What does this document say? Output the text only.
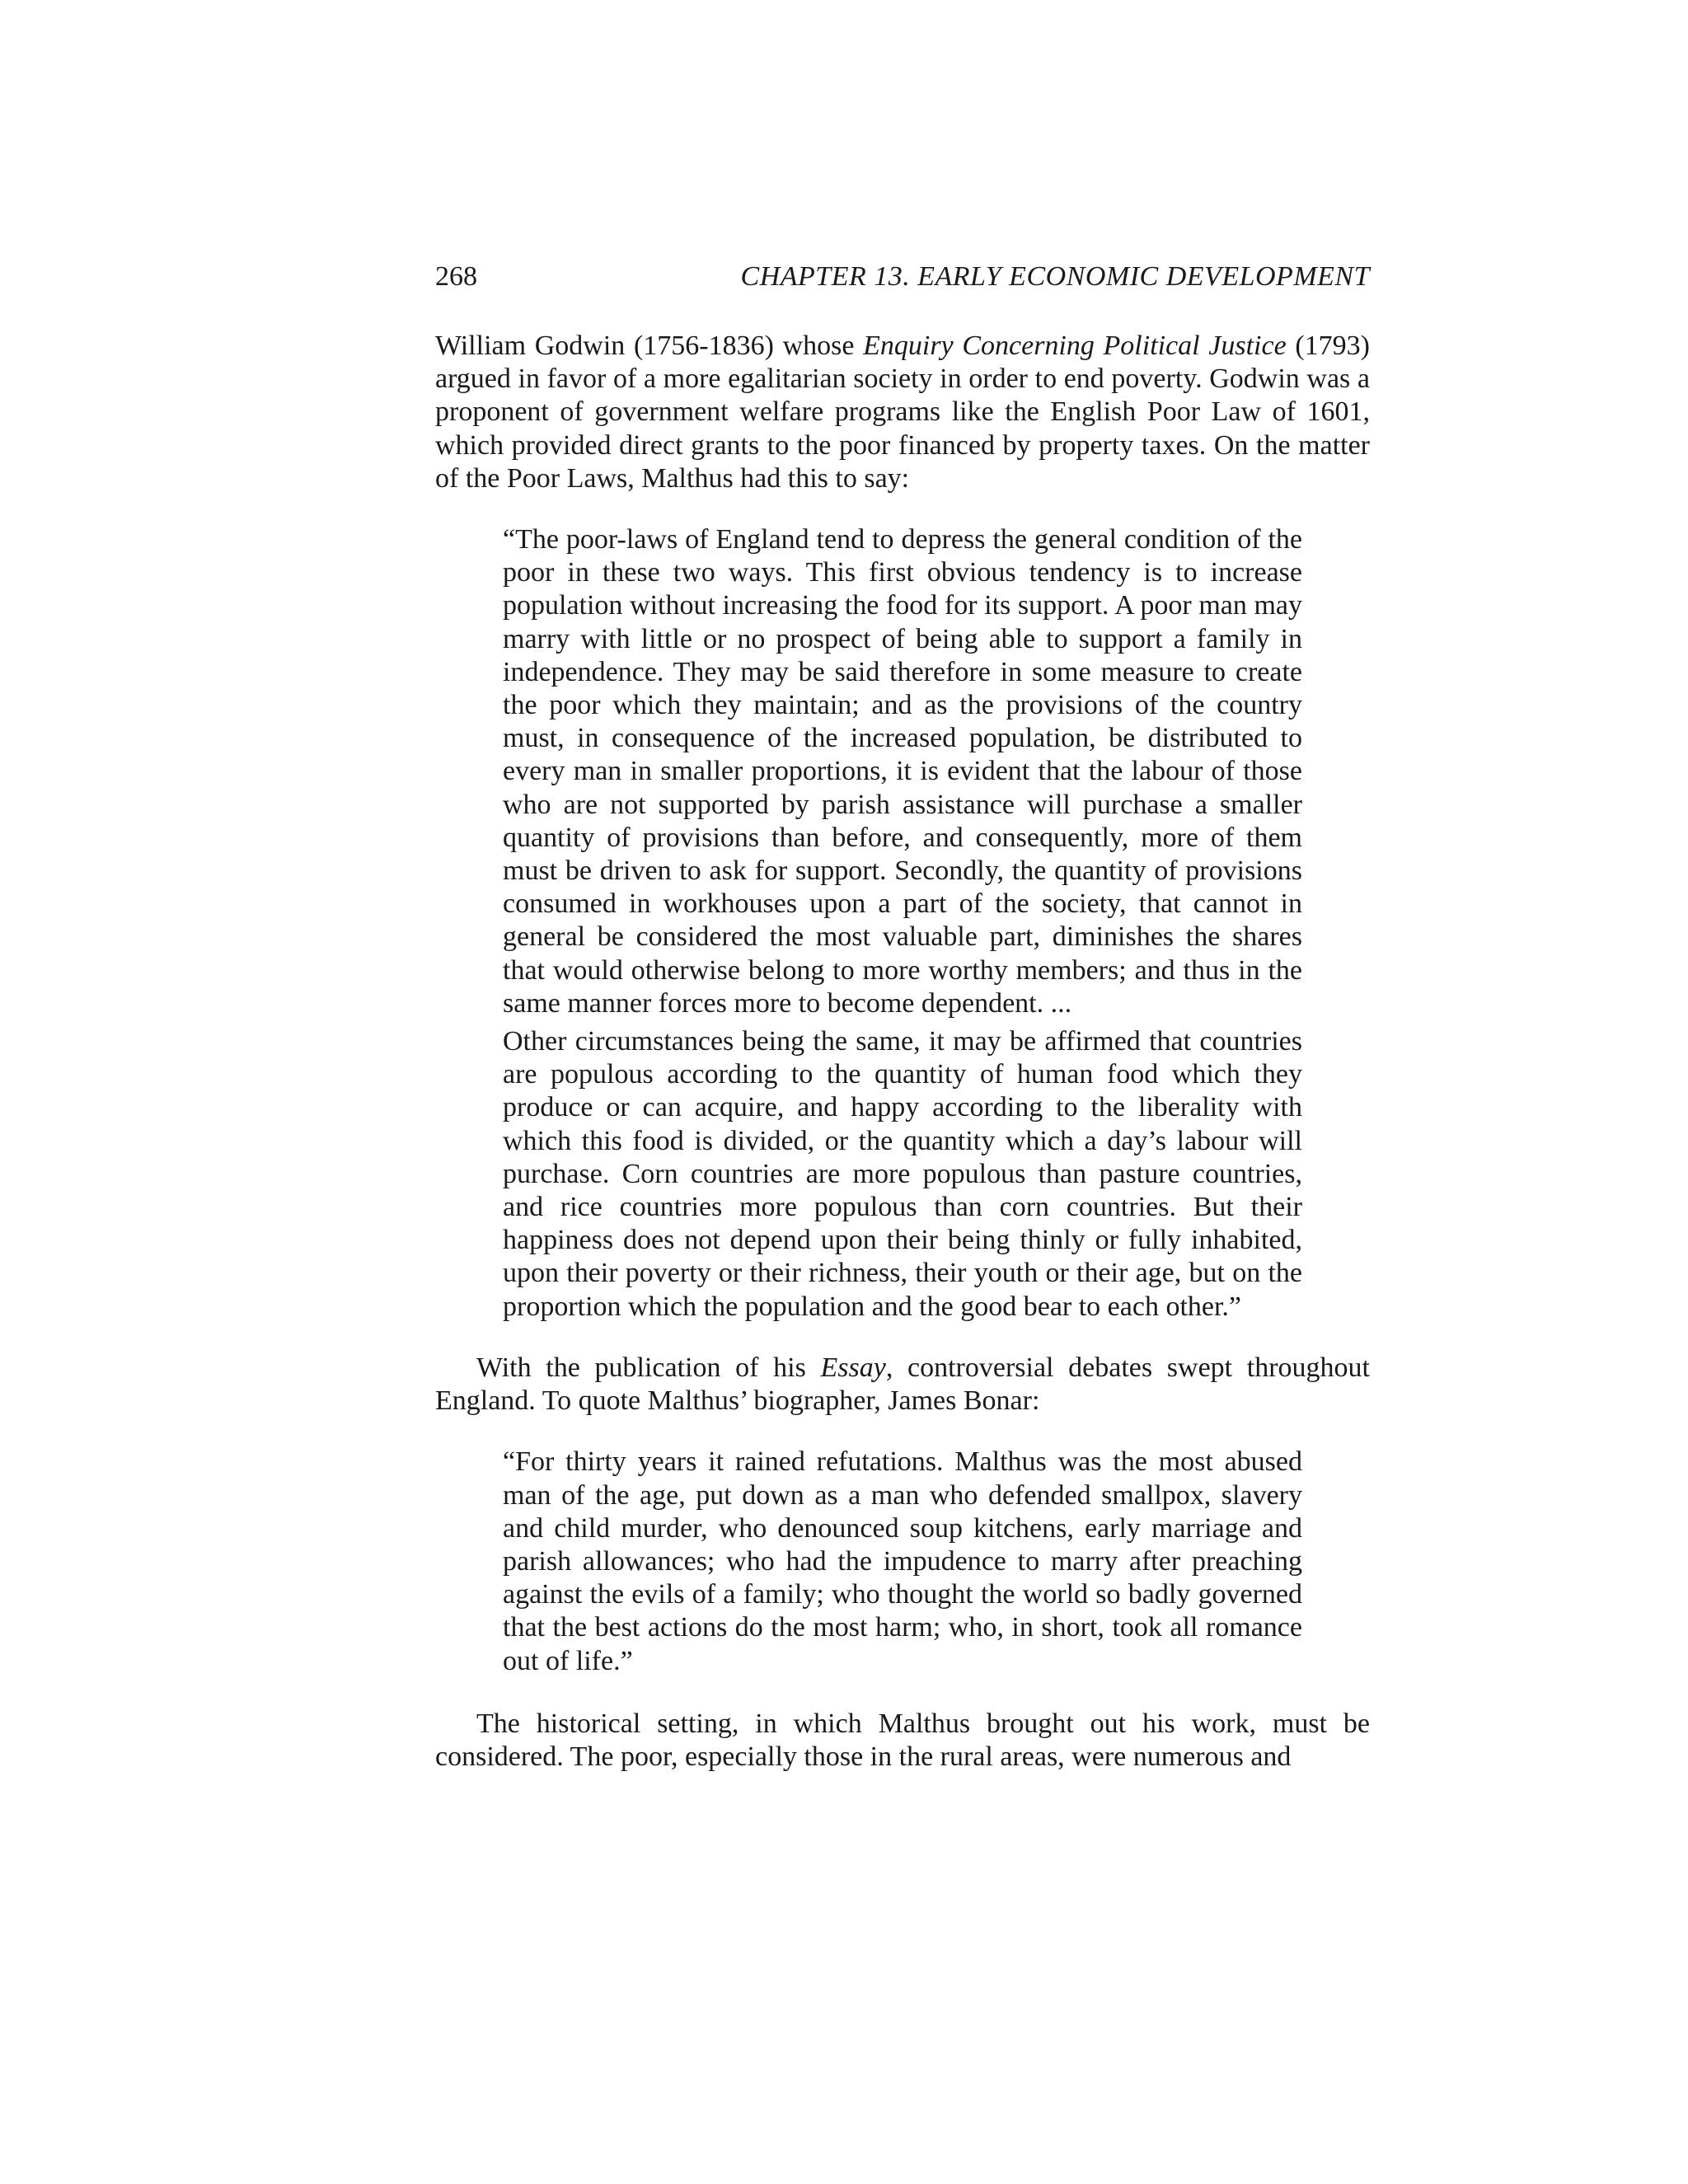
268	CHAPTER 13. EARLY ECONOMIC DEVELOPMENT

William Godwin (1756-1836) whose Enquiry Concerning Political Justice (1793) argued in favor of a more egalitarian society in order to end poverty. Godwin was a proponent of government welfare programs like the English Poor Law of 1601, which provided direct grants to the poor financed by property taxes. On the matter of the Poor Laws, Malthus had this to say:

“The poor-laws of England tend to depress the general condition of the poor in these two ways. This first obvious tendency is to increase population without increasing the food for its support. A poor man may marry with little or no prospect of being able to support a family in independence. They may be said therefore in some measure to create the poor which they maintain; and as the provisions of the country must, in consequence of the increased population, be distributed to every man in smaller proportions, it is evident that the labour of those who are not supported by parish assistance will purchase a smaller quantity of provisions than before, and consequently, more of them must be driven to ask for support. Secondly, the quantity of provisions consumed in workhouses upon a part of the society, that cannot in general be considered the most valuable part, diminishes the shares that would otherwise belong to more worthy members; and thus in the same manner forces more to become dependent. ...

Other circumstances being the same, it may be affirmed that countries are populous according to the quantity of human food which they produce or can acquire, and happy according to the liberality with which this food is divided, or the quantity which a day’s labour will purchase. Corn countries are more populous than pasture countries, and rice countries more populous than corn countries. But their happiness does not depend upon their being thinly or fully inhabited, upon their poverty or their richness, their youth or their age, but on the proportion which the population and the good bear to each other.”

With the publication of his Essay, controversial debates swept throughout England. To quote Malthus’ biographer, James Bonar:

“For thirty years it rained refutations. Malthus was the most abused man of the age, put down as a man who defended smallpox, slavery and child murder, who denounced soup kitchens, early marriage and parish allowances; who had the impudence to marry after preaching against the evils of a family; who thought the world so badly governed that the best actions do the most harm; who, in short, took all romance out of life.”

The historical setting, in which Malthus brought out his work, must be considered. The poor, especially those in the rural areas, were numerous and
